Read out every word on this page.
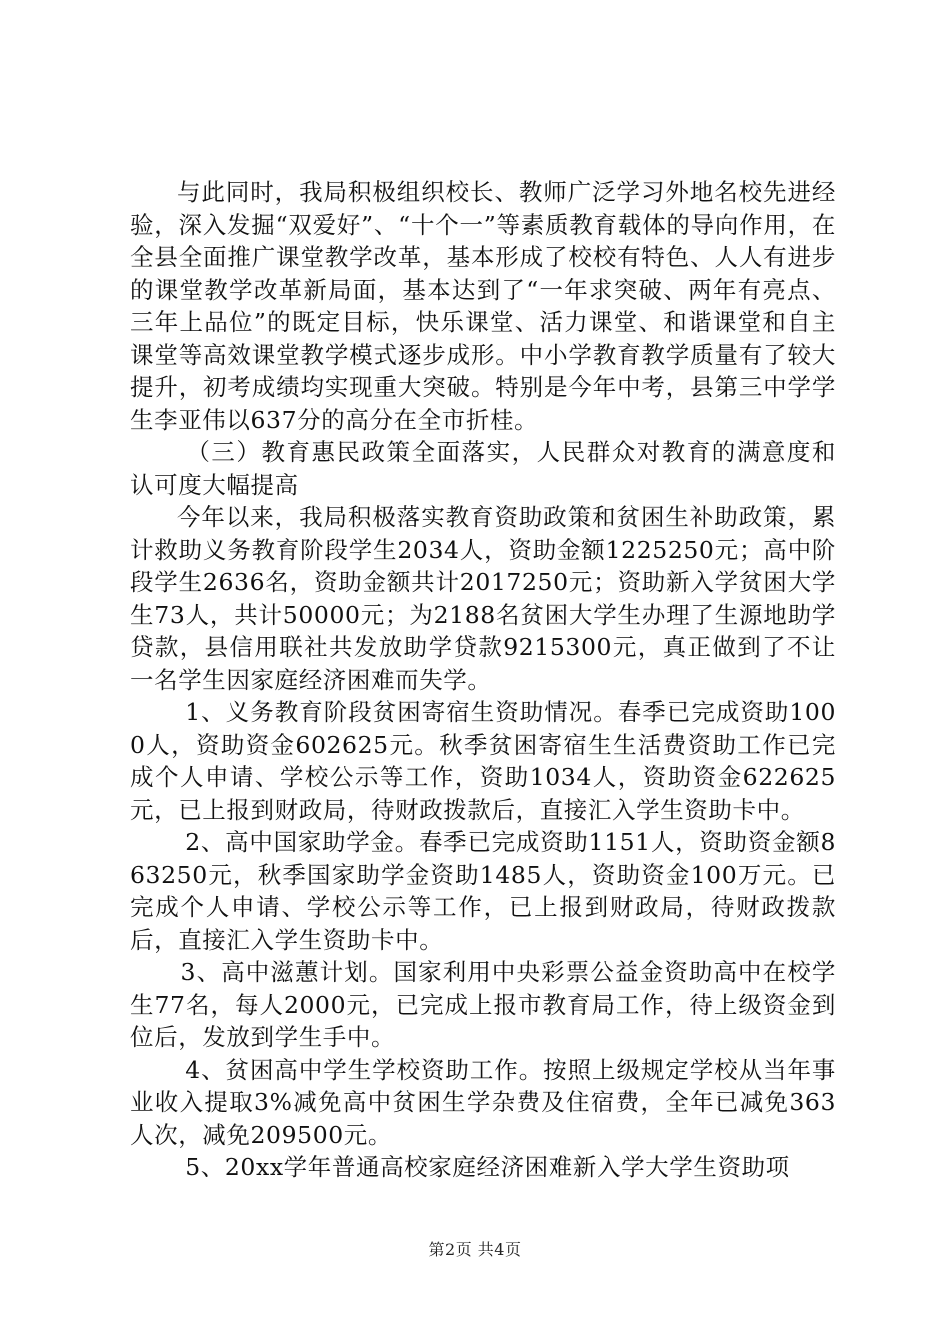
与此同时，我局积极组织校长、教师广泛学习外地名校先进经验，深入发掘“双爱好”、“十个一”等素质教育载体的导向作用，在全县全面推广课堂教学改革，基本形成了校校有特色、人人有进步的课堂教学改革新局面，基本达到了“一年求突破、两年有亮点、三年上品位”的既定目标，快乐课堂、活力课堂、和谐课堂和自主课堂等高效课堂教学模式逐步成形。中小学教育教学质量有了较大提升，初考成绩均实现重大突破。特别是今年中考，县第三中学学生李亚伟以637分的高分在全市折桂。

（三）教育惠民政策全面落实，人民群众对教育的满意度和认可度大幅提高

今年以来，我局积极落实教育资助政策和贫困生补助政策，累计救助义务教育阶段学生2034人，资助金额1225250元；高中阶段学生2636名，资助金额共计2017250元；资助新入学贫困大学生73人，共计50000元；为2188名贫困大学生办理了生源地助学贷款，县信用联社共发放助学贷款9215300元，真正做到了不让一名学生因家庭经济困难而失学。

1、义务教育阶段贫困寄宿生资助情况。春季已完成资助1000人，资助资金602625元。秋季贫困寄宿生生活费资助工作已完成个人申请、学校公示等工作，资助1034人，资助资金622625元，已上报到财政局，待财政拨款后，直接汇入学生资助卡中。

2、高中国家助学金。春季已完成资助1151人，资助资金额863250元，秋季国家助学金资助1485人，资助资金100万元。已完成个人申请、学校公示等工作，已上报到财政局，待财政拨款后，直接汇入学生资助卡中。

3、高中滋蕙计划。国家利用中央彩票公益金资助高中在校学生77名，每人2000元，已完成上报市教育局工作，待上级资金到位后，发放到学生手中。

4、贫困高中学生学校资助工作。按照上级规定学校从当年事业收入提取3%减免高中贫困生学杂费及住宿费，全年已减免363人次，减免209500元。

5、20xx学年普通高校家庭经济困难新入学大学生资助项

第2页 共4页
